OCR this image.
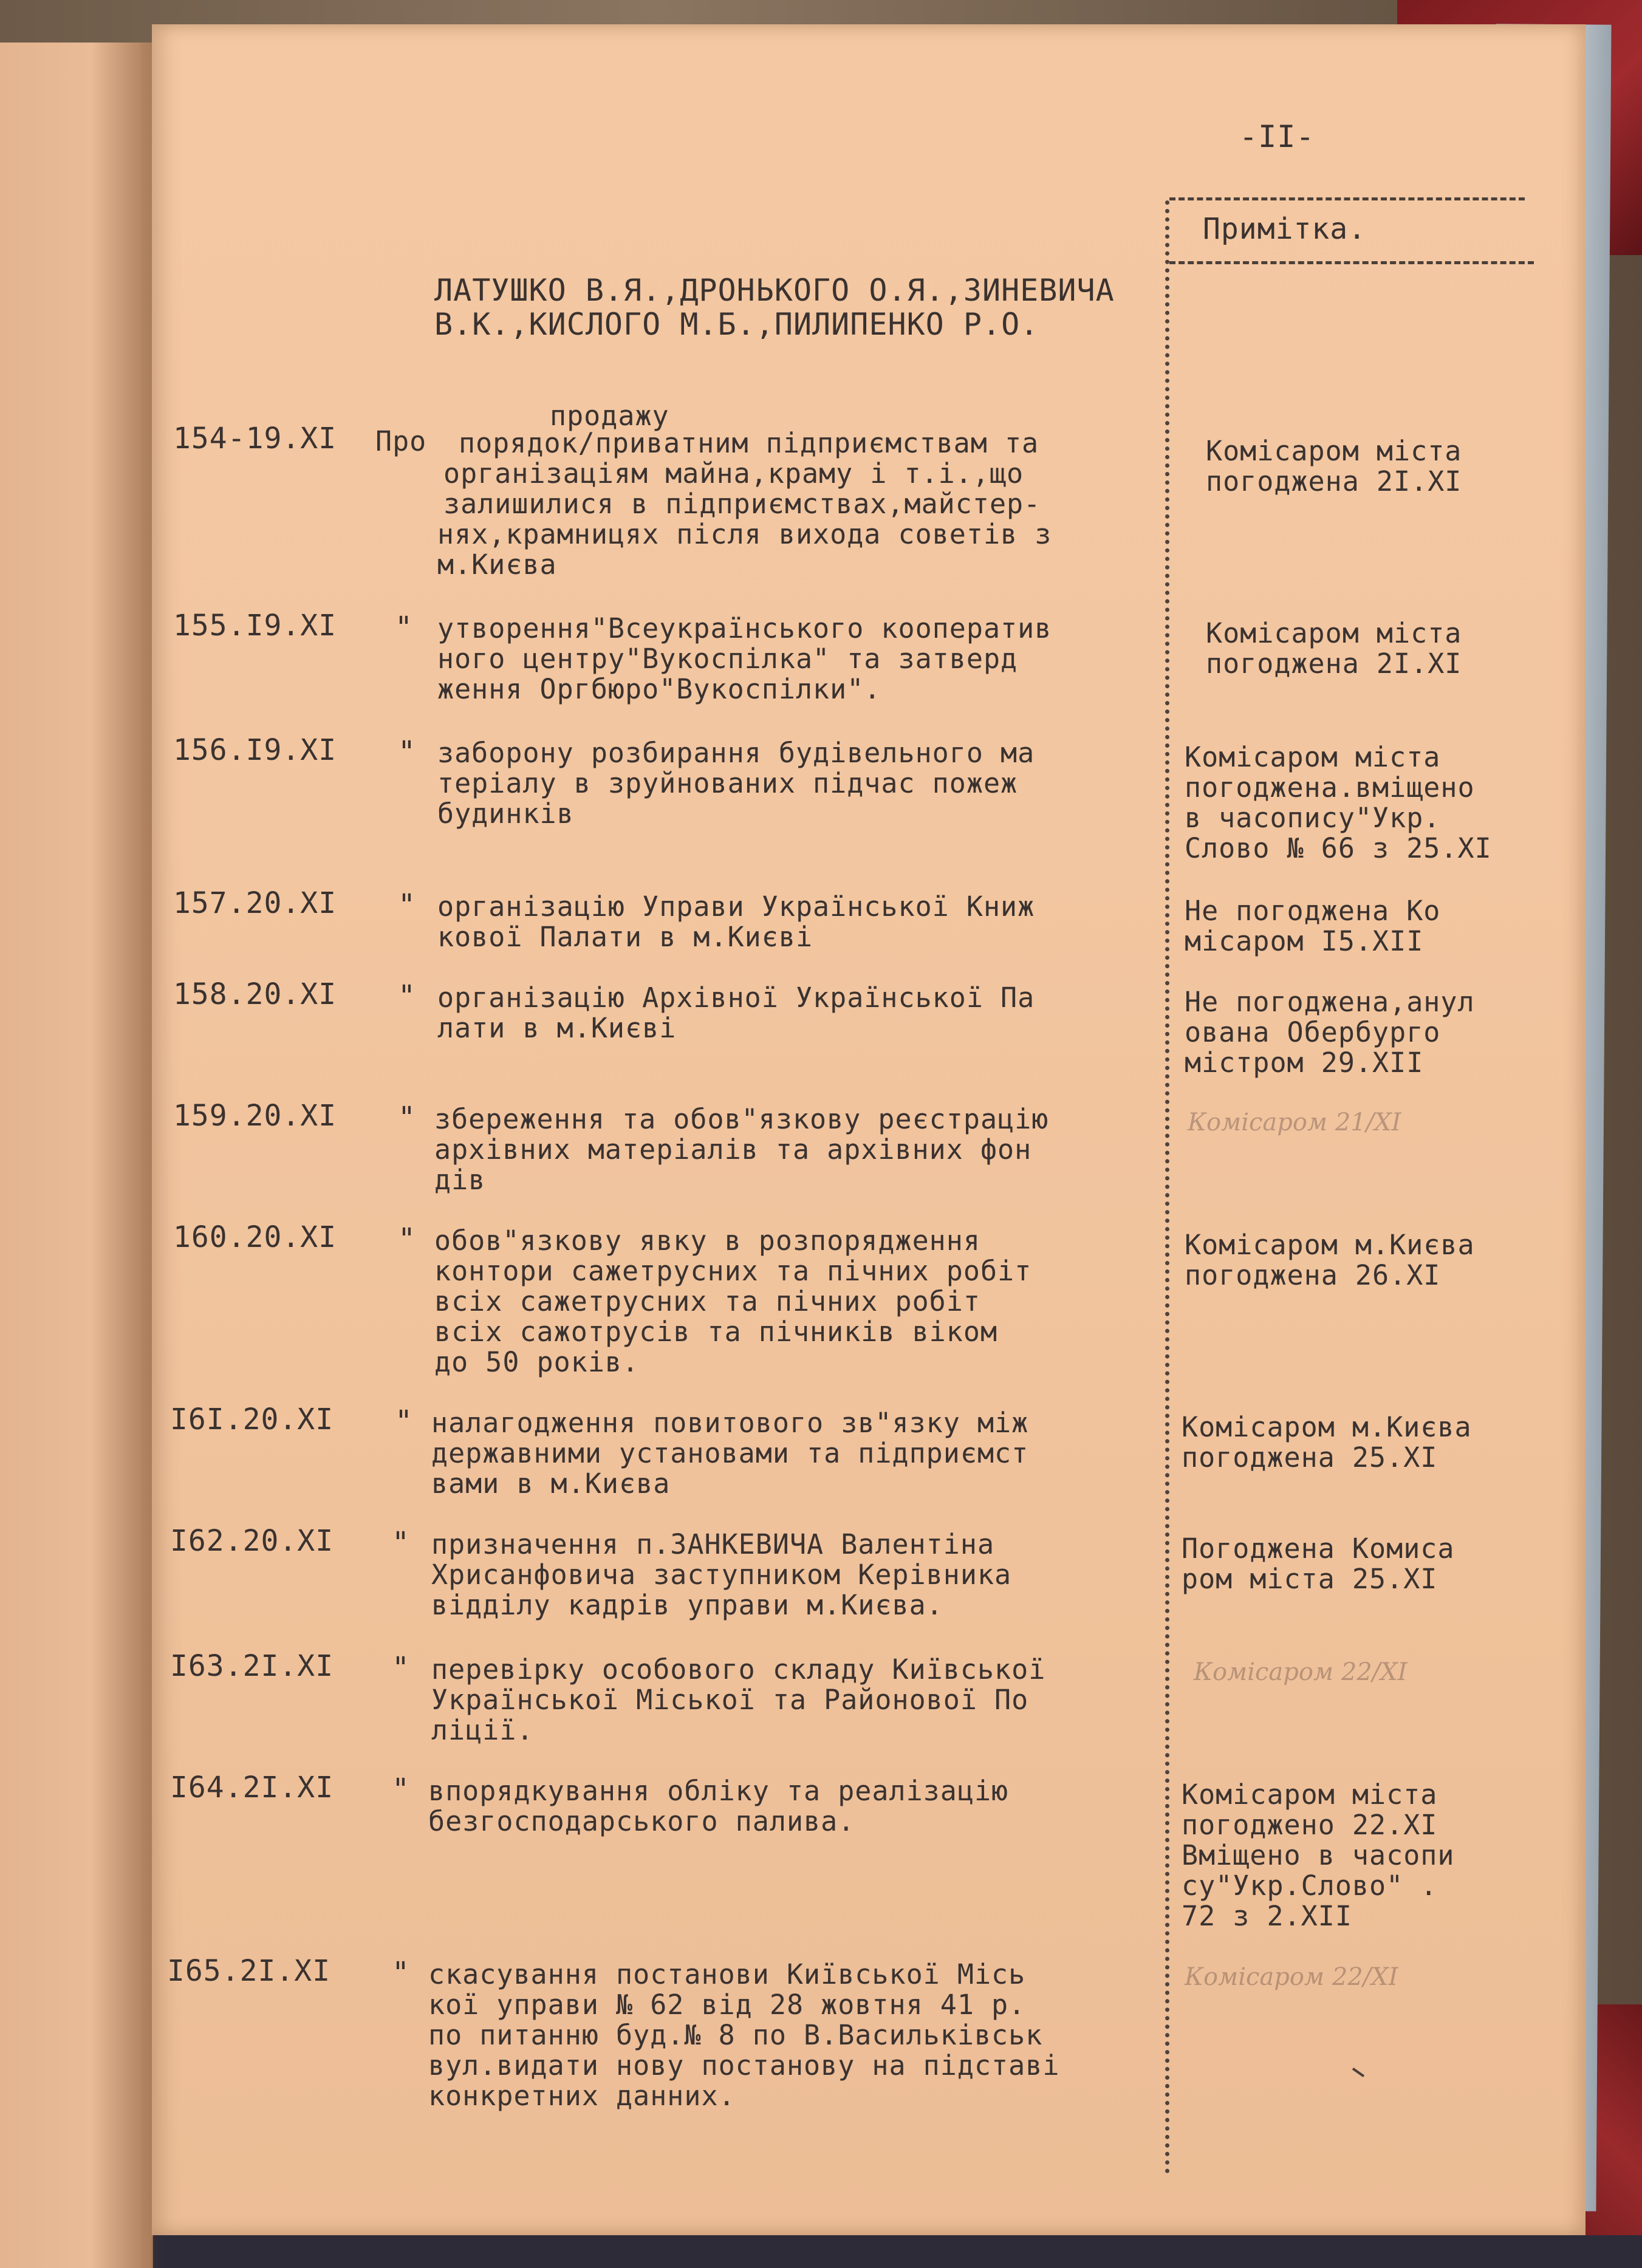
-II-
Примітка.
ЛАТУШКО В.Я.,ДРОНЬКОГО О.Я.,ЗИНЕВИЧА
В.К.,КИСЛОГО М.Б.,ПИЛИПЕНКО Р.О.
154-19.XI Про
продажу
порядок/приватним підприємствам та
організаціям майна,краму і т.і.,що
залишилися в підприємствах,майстер-
нях,крамницях після вихода советів з
м.Києва
Комісаром міста
погоджена 2I.XI
155.I9.XI " утворення"Всеукраїнського кооператив
ного центру"Вукоспілка" та затверд
ження Оргбюро"Вукоспілки".
Комісаром міста
погоджена 2I.XI
156.I9.XI " заборону розбирання будівельного ма
теріалу в зруйнованих підчас пожеж
будинків
Комісаром міста
погоджена.вміщено
в часопису"Укр.
Слово № 66 з 25.XI
157.20.XI " організацію Управи Української Книж
кової Палати в м.Києві
Не погоджена Ко
місаром I5.XII
158.20.XI " організацію Архівної Української Па
лати в м.Києві
Не погоджена,анул
ована Обербурго
містром 29.XII
159.20.XI " збереження та обов"язкову реєстрацію
архівних матеріалів та архівних фон
дів
Комісаром 21/XI
160.20.XI " обов"язкову явку в розпорядження
контори сажетрусних та пічних робіт
всіх сажетрусних та пічних робіт
всіх сажотрусів та пічників віком
до 50 років.
Комісаром м.Києва
погоджена 26.XI
I6I.20.XI " налагодження повитового зв"язку між
державними установами та підприємст
вами в м.Києва
Комісаром м.Києва
погоджена 25.XI
I62.20.XI " призначення п.ЗАНКЕВИЧА Валентіна
Хрисанфовича заступником Керівника
відділу кадрів управи м.Києва.
Погоджена Комиса
ром міста 25.XI
I63.2I.XI " перевірку особового складу Київської
Української Міської та Районової По
ліції.
Комісаром 22/XI
I64.2I.XI " впорядкування обліку та реалізацію
безгосподарського палива.
Комісаром міста
погоджено 22.XI
Вміщено в часопи
су"Укр.Слово" .
72 з 2.XII
I65.2I.XI " скасування постанови Київської Місь
кої управи № 62 від 28 жовтня 41 р.
по питанню буд.№ 8 по В.Васильківськ
вул.видати нову постанову на підставі
конкретних данних.
Комісаром 22/XI
